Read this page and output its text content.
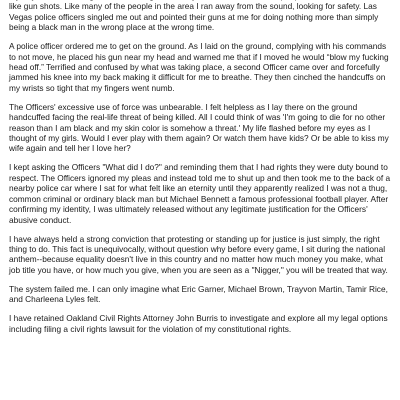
like gun shots. Like many of the people in the area I ran away from the sound, looking for safety. Las Vegas police officers singled me out and pointed their guns at me for doing nothing more than simply being a black man in the wrong place at the wrong time.

A police officer ordered me to get on the ground. As I laid on the ground, complying with his commands to not move, he placed his gun near my head and warned me that if I moved he would “blow my fucking head off.” Terrified and confused by what was taking place, a second Officer came over and forcefully jammed his knee into my back making it difficult for me to breathe. They then cinched the handcuffs on my wrists so tight that my fingers went numb.

The Officers' excessive use of force was unbearable. I felt helpless as I lay there on the ground handcuffed facing the real-life threat of being killed. All I could think of was 'I'm going to die for no other reason than I am black and my skin color is somehow a threat.' My life flashed before my eyes as I thought of my girls. Would I ever play with them again? Or watch them have kids? Or be able to kiss my wife again and tell her I love her?

I kept asking the Officers "What did I do?" and reminding them that I had rights they were duty bound to respect. The Officers ignored my pleas and instead told me to shut up and then took me to the back of a nearby police car where I sat for what felt like an eternity until they apparently realized I was not a thug, common criminal or ordinary black man but Michael Bennett a famous professional football player. After confirming my identity, I was ultimately released without any legitimate justification for the Officers' abusive conduct.

I have always held a strong conviction that protesting or standing up for justice is just simply, the right thing to do. This fact is unequivocally, without question why before every game, I sit during the national anthem--because equality doesn't live in this country and no matter how much money you make, what job title you have, or how much you give, when you are seen as a "Nigger," you will be treated that way.

The system failed me. I can only imagine what Eric Garner, Michael Brown, Trayvon Martin, Tamir Rice, and Charleena Lyles felt.

I have retained Oakland Civil Rights Attorney John Burris to investigate and explore all my legal options including filing a civil rights lawsuit for the violation of my constitutional rights.
